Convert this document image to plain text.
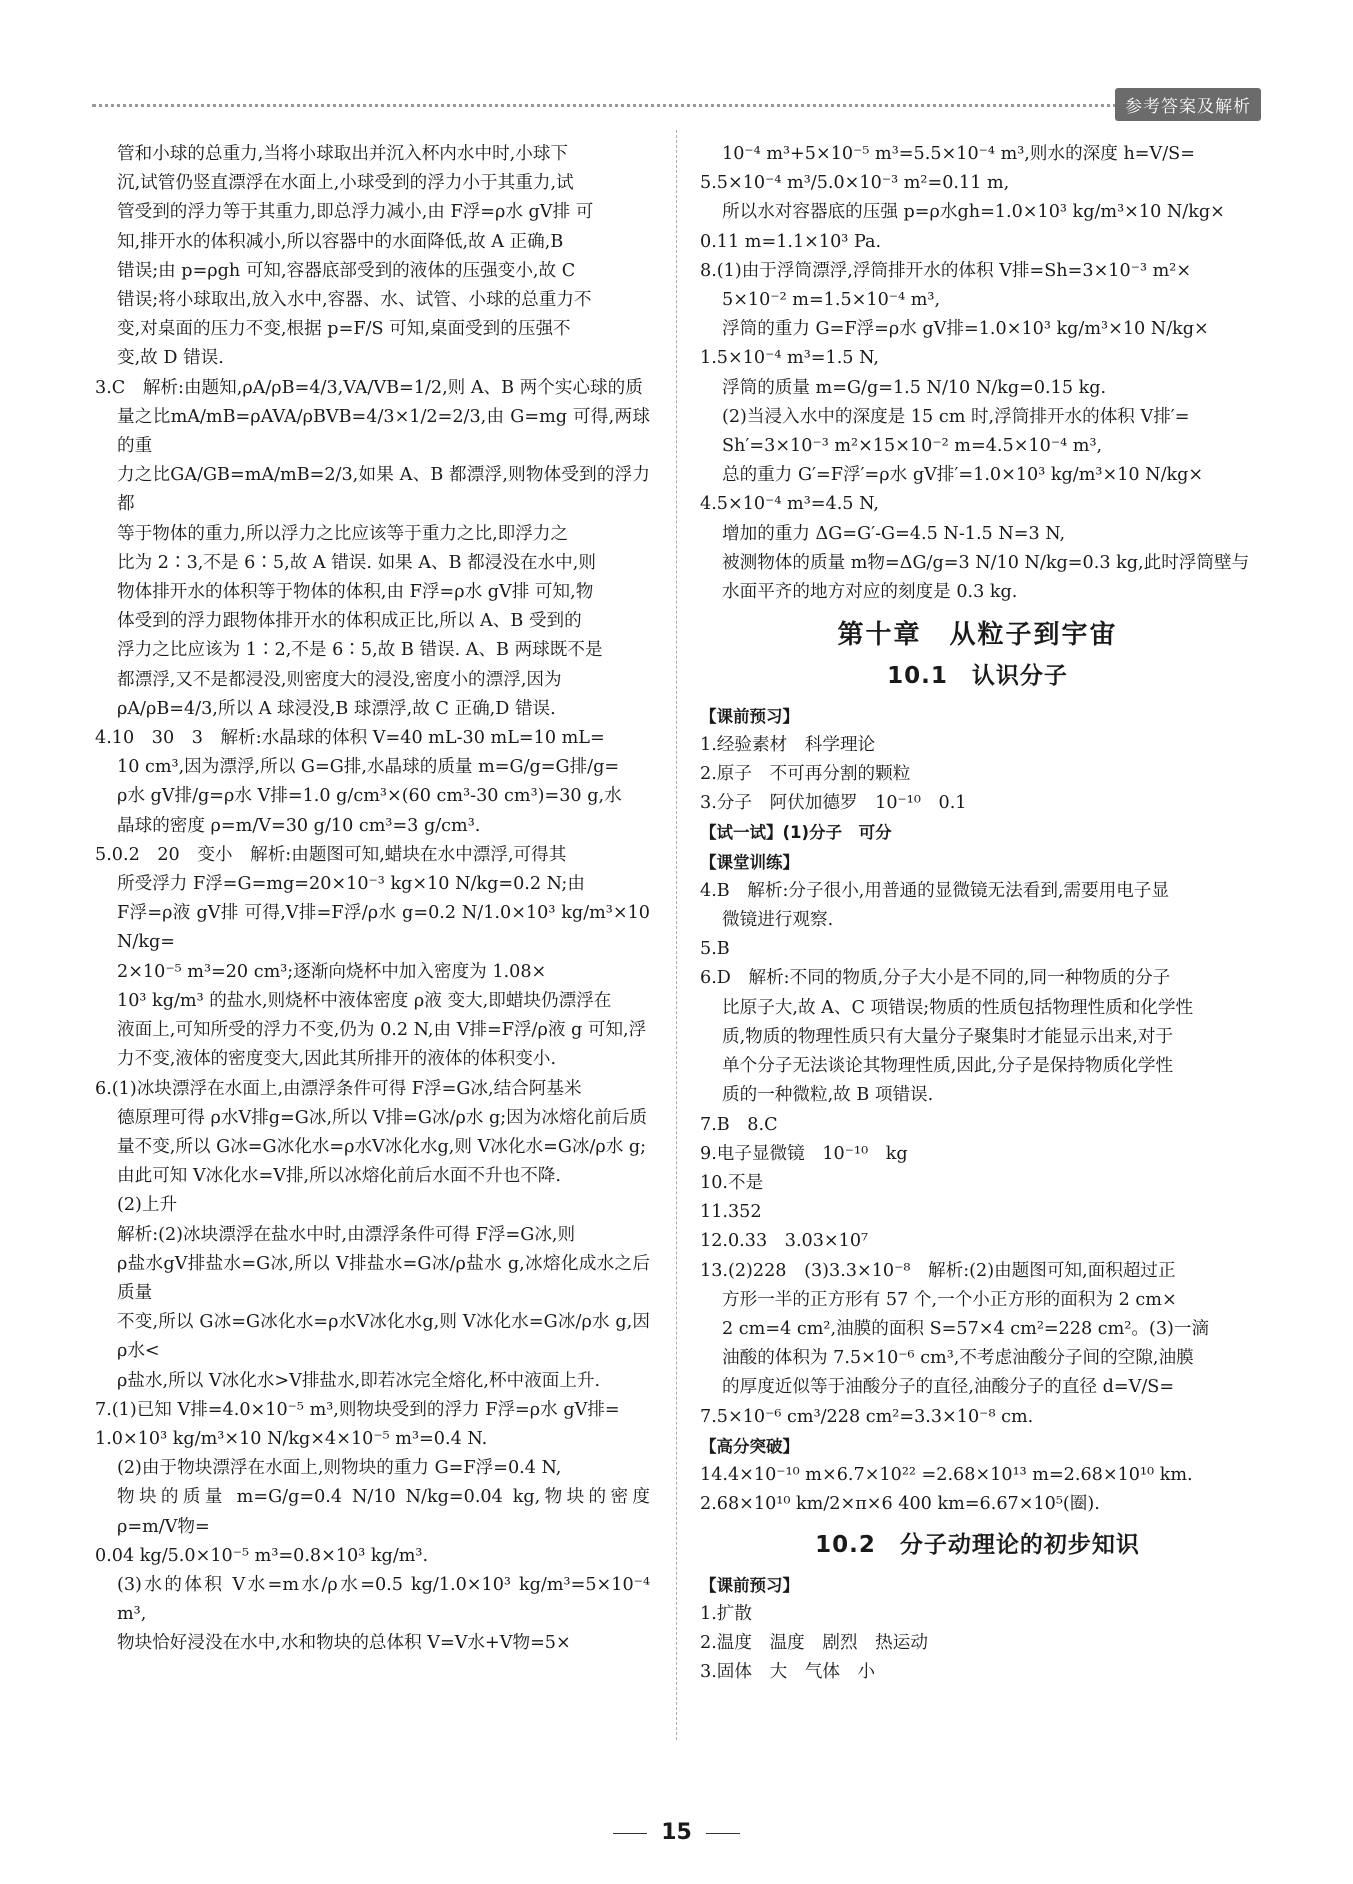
参考答案及解析

管和小球的总重力,当将小球取出并沉入杯内水中时,小球下

沉,试管仍竖直漂浮在水面上,小球受到的浮力小于其重力,试

管受到的浮力等于其重力,即总浮力减小,由 F浮=ρ水 gV排 可

知,排开水的体积减小,所以容器中的水面降低,故 A 正确,B

错误;由 p=ρgh 可知,容器底部受到的液体的压强变小,故 C

错误;将小球取出,放入水中,容器、水、试管、小球的总重力不

变,对桌面的压力不变,根据 p=F/S 可知,桌面受到的压强不

变,故 D 错误.

3.C　解析:由题知,ρA/ρB=4/3,VA/VB=1/2,则 A、B 两个实心球的质

量之比mA/mB=ρAVA/ρBVB=4/3×1/2=2/3,由 G=mg 可得,两球的重

力之比GA/GB=mA/mB=2/3,如果 A、B 都漂浮,则物体受到的浮力都

等于物体的重力,所以浮力之比应该等于重力之比,即浮力之

比为 2∶3,不是 6∶5,故 A 错误. 如果 A、B 都浸没在水中,则

物体排开水的体积等于物体的体积,由 F浮=ρ水 gV排 可知,物

体受到的浮力跟物体排开水的体积成正比,所以 A、B 受到的

浮力之比应该为 1∶2,不是 6∶5,故 B 错误. A、B 两球既不是

都漂浮,又不是都浸没,则密度大的浸没,密度小的漂浮,因为

ρA/ρB=4/3,所以 A 球浸没,B 球漂浮,故 C 正确,D 错误.

4.10　30　3　解析:水晶球的体积 V=40 mL-30 mL=10 mL=

10 cm³,因为漂浮,所以 G=G排,水晶球的质量 m=G/g=G排/g=

ρ水 gV排/g=ρ水 V排=1.0 g/cm³×(60 cm³-30 cm³)=30 g,水

晶球的密度 ρ=m/V=30 g/10 cm³=3 g/cm³.

5.0.2　20　变小　解析:由题图可知,蜡块在水中漂浮,可得其

所受浮力 F浮=G=mg=20×10⁻³ kg×10 N/kg=0.2 N;由

F浮=ρ液 gV排 可得,V排=F浮/ρ水 g=0.2 N/1.0×10³ kg/m³×10 N/kg=

2×10⁻⁵ m³=20 cm³;逐渐向烧杯中加入密度为 1.08×

10³ kg/m³ 的盐水,则烧杯中液体密度 ρ液 变大,即蜡块仍漂浮在

液面上,可知所受的浮力不变,仍为 0.2 N,由 V排=F浮/ρ液 g 可知,浮

力不变,液体的密度变大,因此其所排开的液体的体积变小.

6.(1)冰块漂浮在水面上,由漂浮条件可得 F浮=G冰,结合阿基米

德原理可得 ρ水V排g=G冰,所以 V排=G冰/ρ水 g;因为冰熔化前后质

量不变,所以 G冰=G冰化水=ρ水V冰化水g,则 V冰化水=G冰/ρ水 g;

由此可知 V冰化水=V排,所以冰熔化前后水面不升也不降.

(2)上升

解析:(2)冰块漂浮在盐水中时,由漂浮条件可得 F浮=G冰,则

ρ盐水gV排盐水=G冰,所以 V排盐水=G冰/ρ盐水 g,冰熔化成水之后质量

不变,所以 G冰=G冰化水=ρ水V冰化水g,则 V冰化水=G冰/ρ水 g,因 ρ水<

ρ盐水,所以 V冰化水>V排盐水,即若冰完全熔化,杯中液面上升.

7.(1)已知 V排=4.0×10⁻⁵ m³,则物块受到的浮力 F浮=ρ水 gV排=

1.0×10³ kg/m³×10 N/kg×4×10⁻⁵ m³=0.4 N.

(2)由于物块漂浮在水面上,则物块的重力 G=F浮=0.4 N,

物块的质量 m=G/g=0.4 N/10 N/kg=0.04 kg,物块的密度 ρ=m/V物=

0.04 kg/5.0×10⁻⁵ m³=0.8×10³ kg/m³.

(3)水的体积 V水=m水/ρ水=0.5 kg/1.0×10³ kg/m³=5×10⁻⁴ m³,

物块恰好浸没在水中,水和物块的总体积 V=V水+V物=5×

10⁻⁴ m³+5×10⁻⁵ m³=5.5×10⁻⁴ m³,则水的深度 h=V/S=

5.5×10⁻⁴ m³/5.0×10⁻³ m²=0.11 m,

所以水对容器底的压强 p=ρ水gh=1.0×10³ kg/m³×10 N/kg×

0.11 m=1.1×10³ Pa.

8.(1)由于浮筒漂浮,浮筒排开水的体积 V排=Sh=3×10⁻³ m²×

5×10⁻² m=1.5×10⁻⁴ m³,

浮筒的重力 G=F浮=ρ水 gV排=1.0×10³ kg/m³×10 N/kg×

1.5×10⁻⁴ m³=1.5 N,

浮筒的质量 m=G/g=1.5 N/10 N/kg=0.15 kg.

(2)当浸入水中的深度是 15 cm 时,浮筒排开水的体积 V排′=

Sh′=3×10⁻³ m²×15×10⁻² m=4.5×10⁻⁴ m³,

总的重力 G′=F浮′=ρ水 gV排′=1.0×10³ kg/m³×10 N/kg×

4.5×10⁻⁴ m³=4.5 N,

增加的重力 ΔG=G′-G=4.5 N-1.5 N=3 N,

被测物体的质量 m物=ΔG/g=3 N/10 N/kg=0.3 kg,此时浮筒壁与

水面平齐的地方对应的刻度是 0.3 kg.

第十章　从粒子到宇宙
10.1　认识分子

【课前预习】

1.经验素材　科学理论

2.原子　不可再分割的颗粒

3.分子　阿伏加德罗　10⁻¹⁰　0.1

【试一试】(1)分子　可分

【课堂训练】

4.B　解析:分子很小,用普通的显微镜无法看到,需要用电子显

微镜进行观察.

5.B

6.D　解析:不同的物质,分子大小是不同的,同一种物质的分子

比原子大,故 A、C 项错误;物质的性质包括物理性质和化学性

质,物质的物理性质只有大量分子聚集时才能显示出来,对于

单个分子无法谈论其物理性质,因此,分子是保持物质化学性

质的一种微粒,故 B 项错误.

7.B　8.C

9.电子显微镜　10⁻¹⁰　kg

10.不是

11.352

12.0.33　3.03×10⁷

13.(2)228　(3)3.3×10⁻⁸　解析:(2)由题图可知,面积超过正

方形一半的正方形有 57 个,一个小正方形的面积为 2 cm×

2 cm=4 cm²,油膜的面积 S=57×4 cm²=228 cm²。(3)一滴

油酸的体积为 7.5×10⁻⁶ cm³,不考虑油酸分子间的空隙,油膜

的厚度近似等于油酸分子的直径,油酸分子的直径 d=V/S=

7.5×10⁻⁶ cm³/228 cm²=3.3×10⁻⁸ cm.

【高分突破】

14.4×10⁻¹⁰ m×6.7×10²² =2.68×10¹³ m=2.68×10¹⁰ km.

2.68×10¹⁰ km/2×π×6 400 km=6.67×10⁵(圈).

10.2　分子动理论的初步知识

【课前预习】

1.扩散

2.温度　温度　剧烈　热运动

3.固体　大　气体　小

15
